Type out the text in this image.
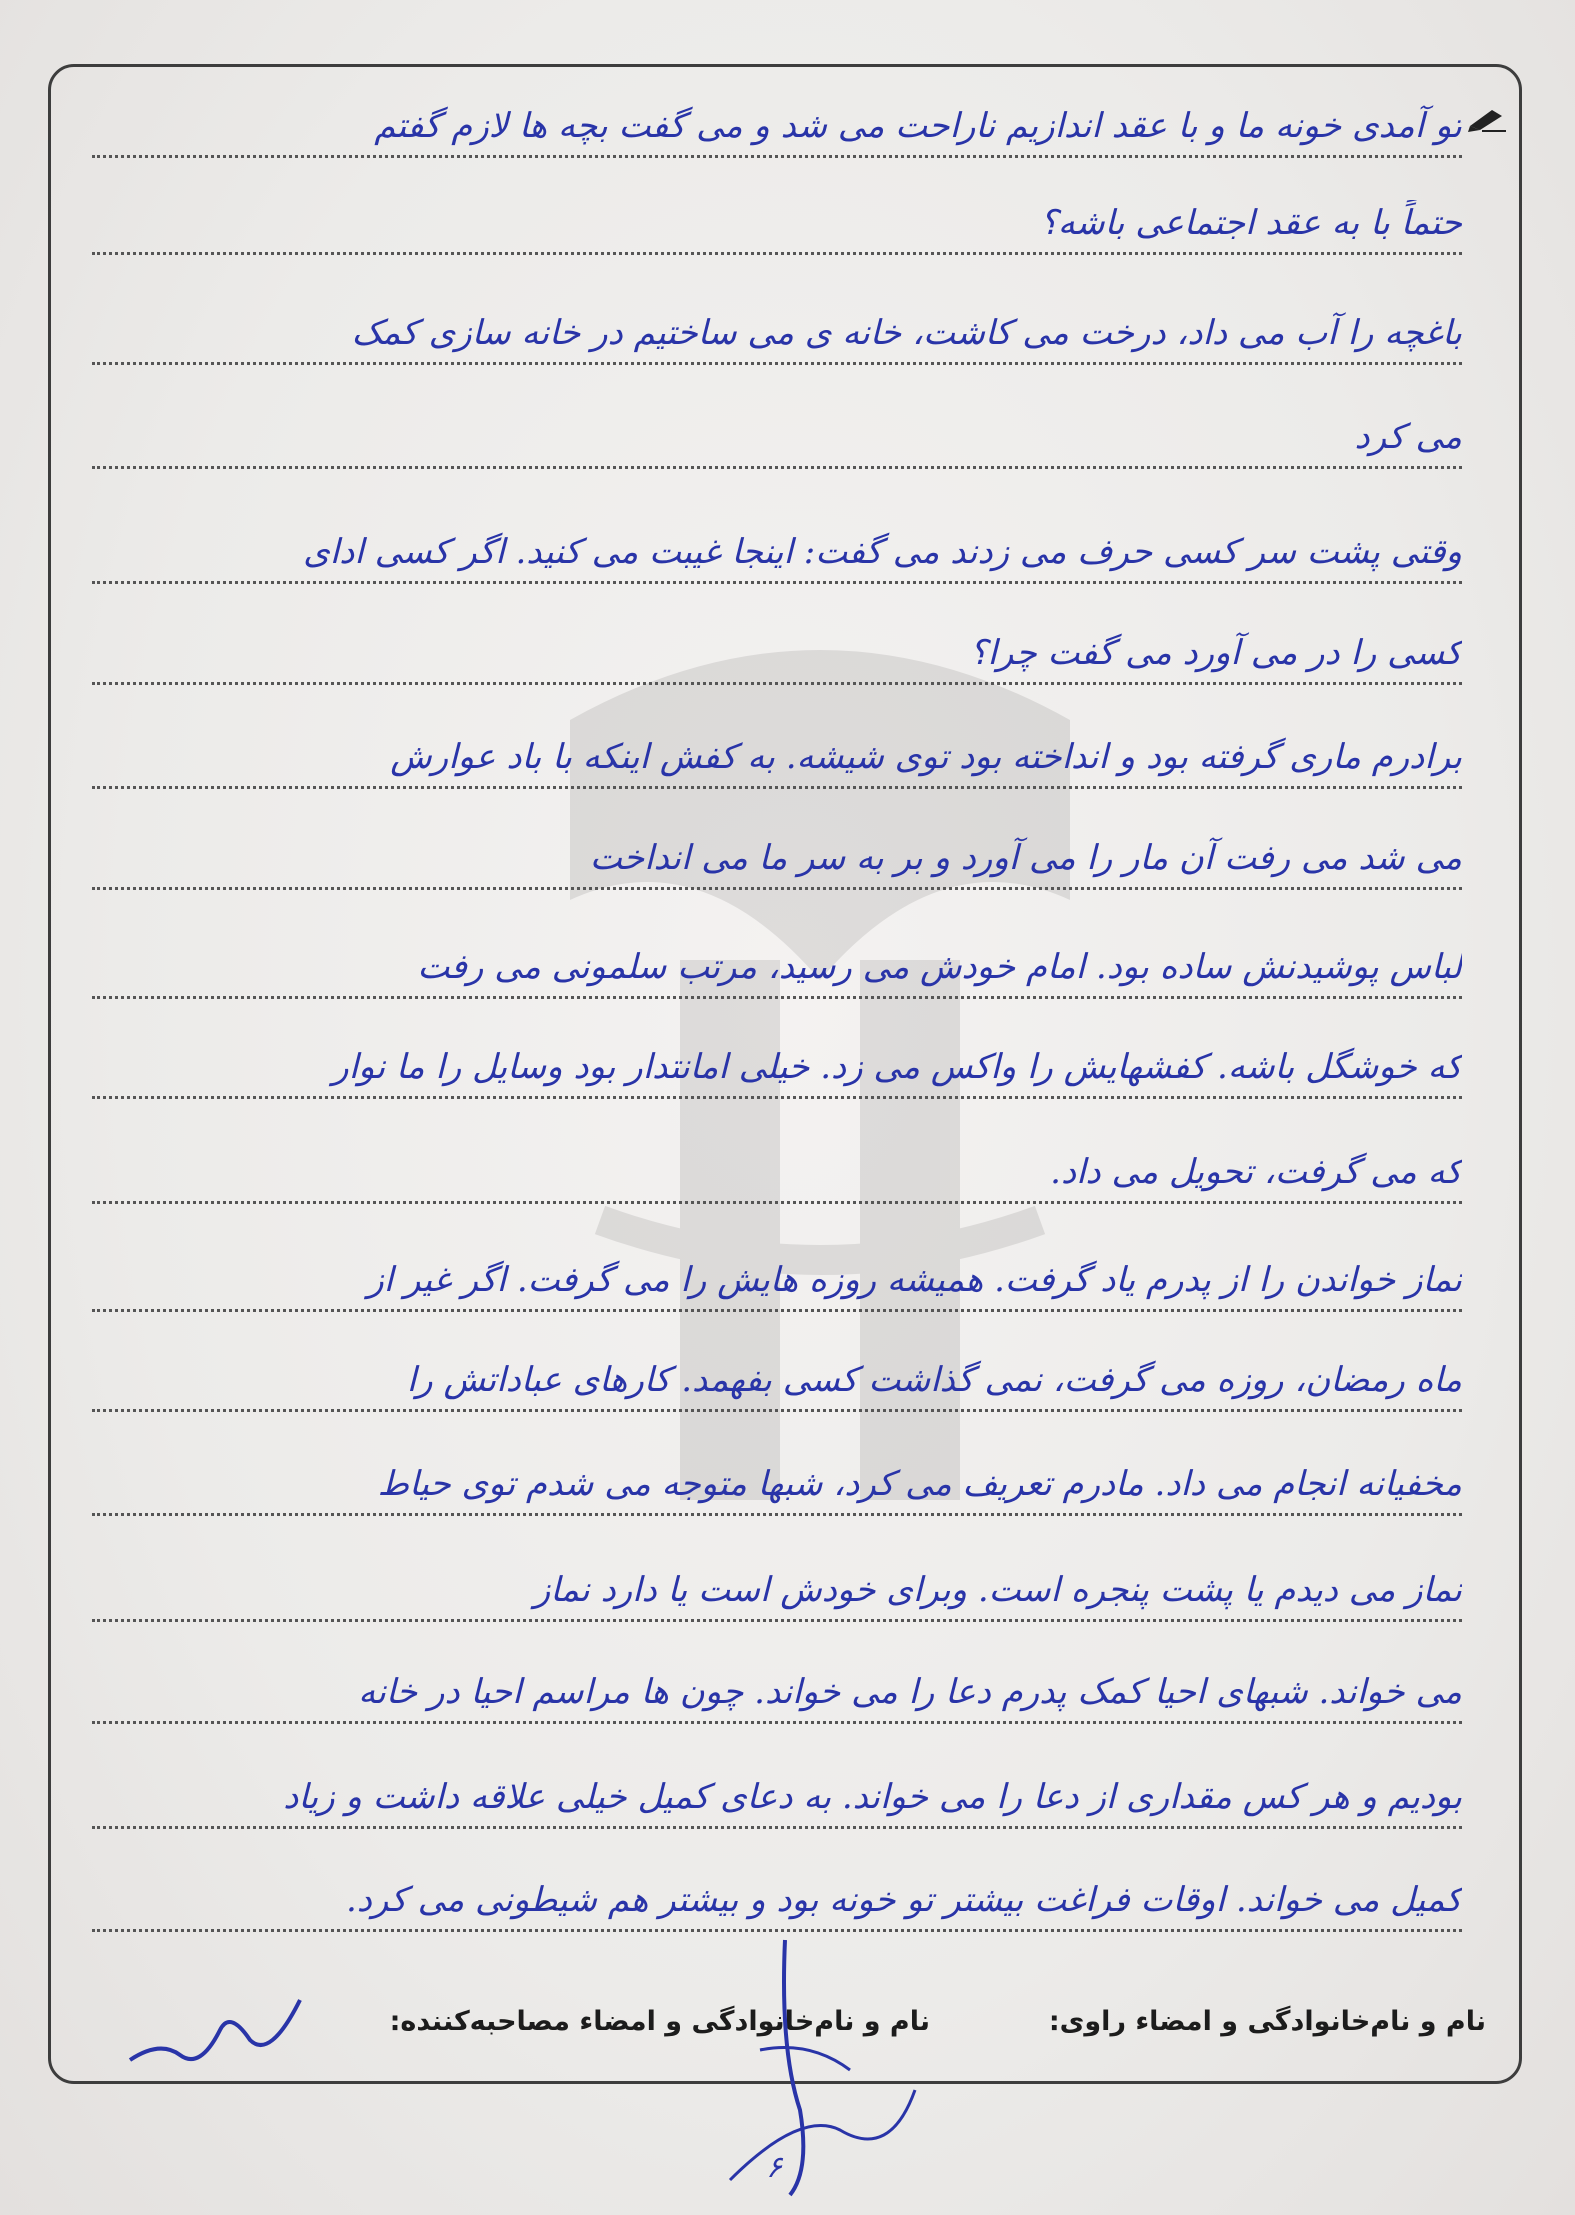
تو آمدی خونه ما و با عقد اندازیم ناراحت می شد و می گفت بچه ها لازم گفتم
حتماً با به عقد اجتماعی باشه؟
باغچه را آب می داد، درخت می کاشت، خانه ی می ساختیم در خانه سازی کمک
می کرد
وقتی پشت سر کسی حرف می زدند می گفت: اینجا غیبت می کنید. اگر کسی ادای
کسی را در می آورد می گفت چرا؟
برادرم ماری گرفته بود و انداخته بود توی شیشه. به کفش اینکه با باد عوارش
می شد می رفت آن مار را می آورد و بر به سر ما می انداخت
لباس پوشیدنش ساده بود. امام خودش می رسید، مرتب سلمونی می رفت
که خوشگل باشه. کفشهایش را واکس می زد. خیلی امانتدار بود وسایل را ما نوار
که می گرفت، تحویل می داد.
نماز خواندن را از پدرم یاد گرفت. همیشه روزه هایش را می گرفت. اگر غیر از
ماه رمضان، روزه می گرفت، نمی گذاشت کسی بفهمد. کارهای عباداتش را
مخفیانه انجام می داد. مادرم تعریف می کرد، شبها متوجه می شدم توی حیاط
نماز می دیدم یا پشت پنجره است. وبرای خودش است یا دارد نماز
می خواند. شبهای احیا کمک پدرم دعا را می خواند. چون ها مراسم احیا در خانه
بودیم و هر کس مقداری از دعا را می خواند. به دعای کمیل خیلی علاقه داشت و زیاد
کمیل می خواند. اوقات فراغت بیشتر تو خونه بود و بیشتر هم شیطونی می کرد.
نام و نام‌خانوادگی و امضاء راوی:
نام و نام‌خانوادگی و امضاء مصاحبه‌کننده:
۶
